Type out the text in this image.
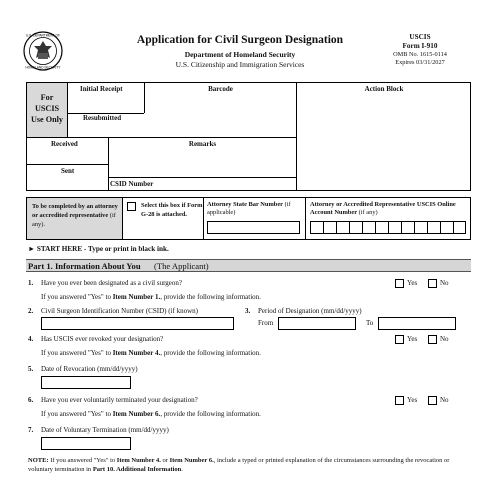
U.S. DEPARTMENT OF
HOMELAND SECURITY
Application for Civil Surgeon Designation
Department of Homeland Security
U.S. Citizenship and Immigration Services
USCIS
Form I-910
OMB No. 1615-0114
Expires 03/31/2027
For USCIS Use Only
Initial Receipt	Barcode	Action Block
Resubmitted
Received	Remarks
Sent
CSID Number
To be completed by an attorney or accredited representative (if any).
Select this box if Form G-28 is attached.
Attorney State Bar Number (if applicable)
Attorney or Accredited Representative USCIS Online Account Number (if any)
► START HERE - Type or print in black ink.
Part 1. Information About You (The Applicant)
1. Have you ever been designated as a civil surgeon?	Yes	No
If you answered "Yes" to Item Number 1., provide the following information.
2. Civil Surgeon Identification Number (CSID) (if known)	3. Period of Designation (mm/dd/yyyy)
From	To
4. Has USCIS ever revoked your designation?	Yes	No
If you answered "Yes" to Item Number 4., provide the following information.
5. Date of Revocation (mm/dd/yyyy)
6. Have you ever voluntarily terminated your designation?	Yes	No
If you answered "Yes" to Item Number 6., provide the following information.
7. Date of Voluntary Termination (mm/dd/yyyy)
NOTE: If you answered "Yes" to Item Number 4. or Item Number 6., include a typed or printed explanation of the circumstances surrounding the revocation or voluntary termination in Part 10. Additional Information.
